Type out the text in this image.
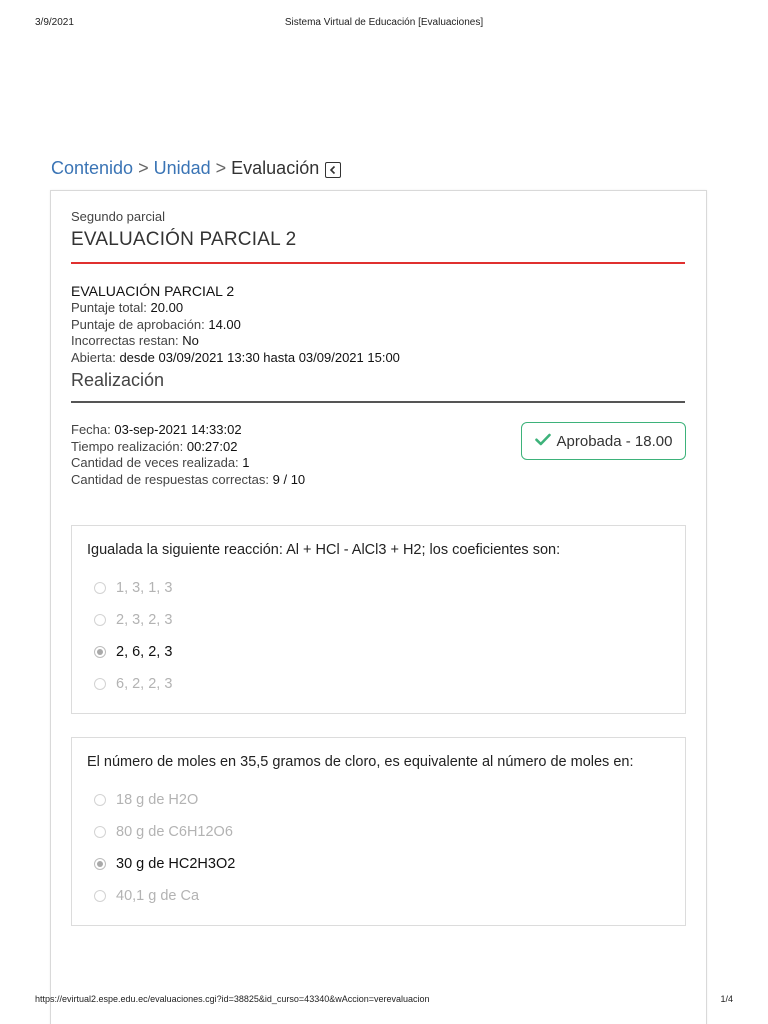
3/9/2021	Sistema Virtual de Educación [Evaluaciones]
Contenido > Unidad > Evaluación
Segundo parcial
EVALUACIÓN PARCIAL 2
EVALUACIÓN PARCIAL 2
Puntaje total: 20.00
Puntaje de aprobación: 14.00
Incorrectas restan: No
Abierta: desde 03/09/2021 13:30 hasta 03/09/2021 15:00
Realización
Fecha: 03-sep-2021 14:33:02
Tiempo realización: 00:27:02
Cantidad de veces realizada: 1
Cantidad de respuestas correctas: 9 / 10
Aprobada - 18.00
Igualada la siguiente reacción: Al + HCl - AlCl3 + H2; los coeficientes son:
1, 3, 1, 3
2, 3, 2, 3
2, 6, 2, 3
6, 2, 2, 3
El número de moles en 35,5 gramos de cloro, es equivalente al número de moles en:
18 g de H2O
80 g de C6H12O6
30 g de HC2H3O2
40,1 g de Ca
https://evirtual2.espe.edu.ec/evaluaciones.cgi?id=38825&id_curso=43340&wAccion=verevaluacion	1/4
